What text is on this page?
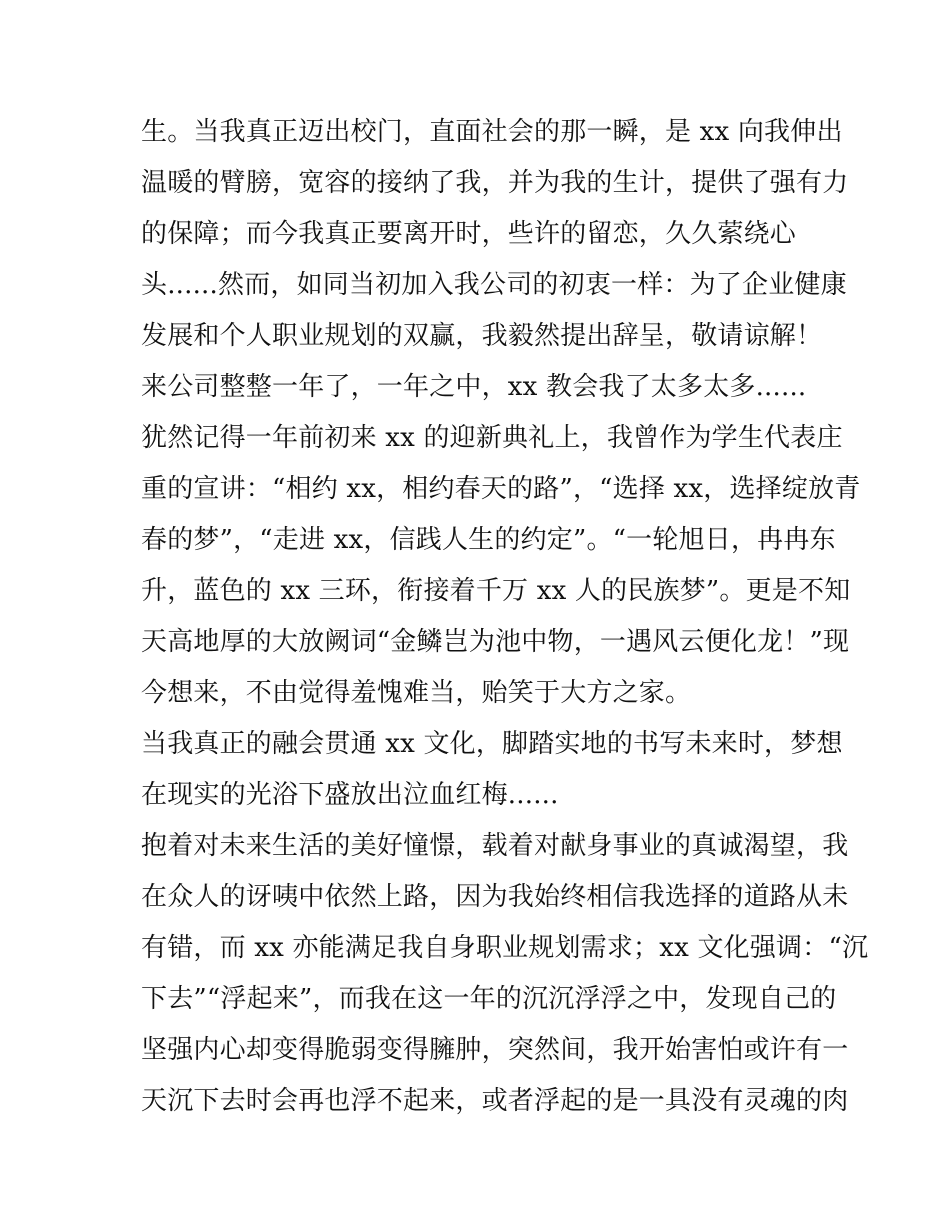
生。当我真正迈出校门，直面社会的那一瞬，是 xx 向我伸出
温暖的臂膀，宽容的接纳了我，并为我的生计，提供了强有力
的保障；而今我真正要离开时，些许的留恋，久久萦绕心
头......然而，如同当初加入我公司的初衷一样：为了企业健康
发展和个人职业规划的双赢，我毅然提出辞呈，敬请谅解！
来公司整整一年了，一年之中，xx 教会我了太多太多......
犹然记得一年前初来 xx 的迎新典礼上，我曾作为学生代表庄
重的宣讲：“相约 xx，相约春天的路”，“选择 xx，选择绽放青
春的梦”，“走进 xx，信践人生的约定”。“一轮旭日，冉冉东
升，蓝色的 xx 三环，衔接着千万 xx 人的民族梦”。更是不知
天高地厚的大放阙词“金鳞岂为池中物，一遇风云便化龙！”现
今想来，不由觉得羞愧难当，贻笑于大方之家。
当我真正的融会贯通 xx 文化，脚踏实地的书写未来时，梦想
在现实的光浴下盛放出泣血红梅......
抱着对未来生活的美好憧憬，载着对献身事业的真诚渴望，我
在众人的讶咦中依然上路，因为我始终相信我选择的道路从未
有错，而 xx 亦能满足我自身职业规划需求；xx 文化强调：“沉
下去”“浮起来”，而我在这一年的沉沉浮浮之中，发现自己的
坚强内心却变得脆弱变得臃肿，突然间，我开始害怕或许有一
天沉下去时会再也浮不起来，或者浮起的是一具没有灵魂的肉
